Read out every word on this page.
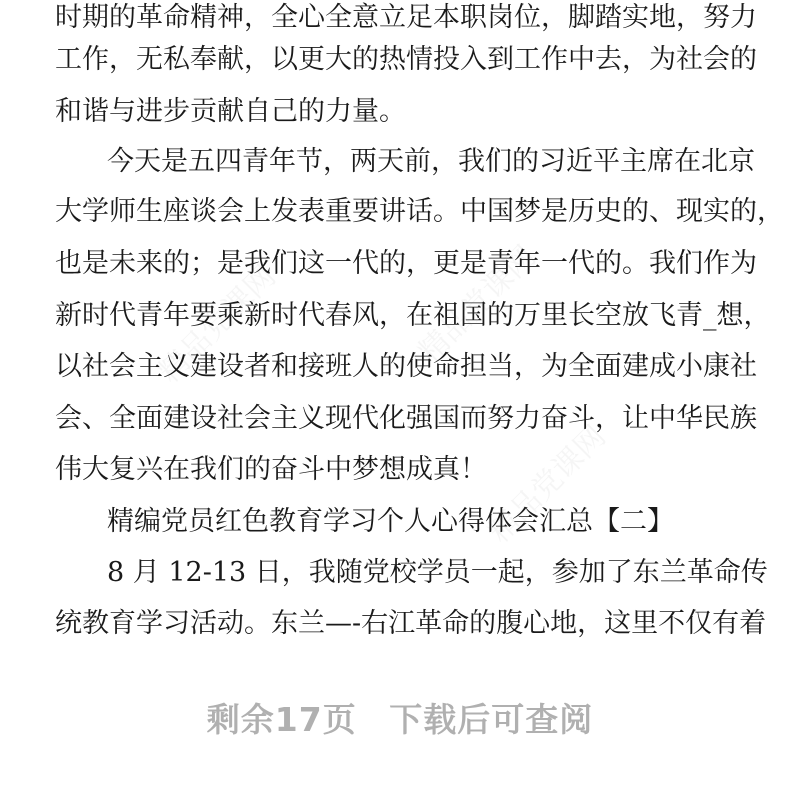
精品党课网	精品党课网
精品党课网
时期的革命精神，全心全意立足本职岗位，脚踏实地，努力
工作，无私奉献，以更大的热情投入到工作中去，为社会的
和谐与进步贡献自己的力量。
今天是五四青年节，两天前，我们的习近平主席在北京
大学师生座谈会上发表重要讲话。中国梦是历史的、现实的，
也是未来的；是我们这一代的，更是青年一代的。我们作为
新时代青年要乘新时代春风，在祖国的万里长空放飞青_想，
以社会主义建设者和接班人的使命担当，为全面建成小康社
会、全面建设社会主义现代化强国而努力奋斗，让中华民族
伟大复兴在我们的奋斗中梦想成真！
精编党员红色教育学习个人心得体会汇总【二】
8 月 12-13 日，我随党校学员一起，参加了东兰革命传
统教育学习活动。东兰—-右江革命的腹心地，这里不仅有着
剩余17页 下载后可查阅
